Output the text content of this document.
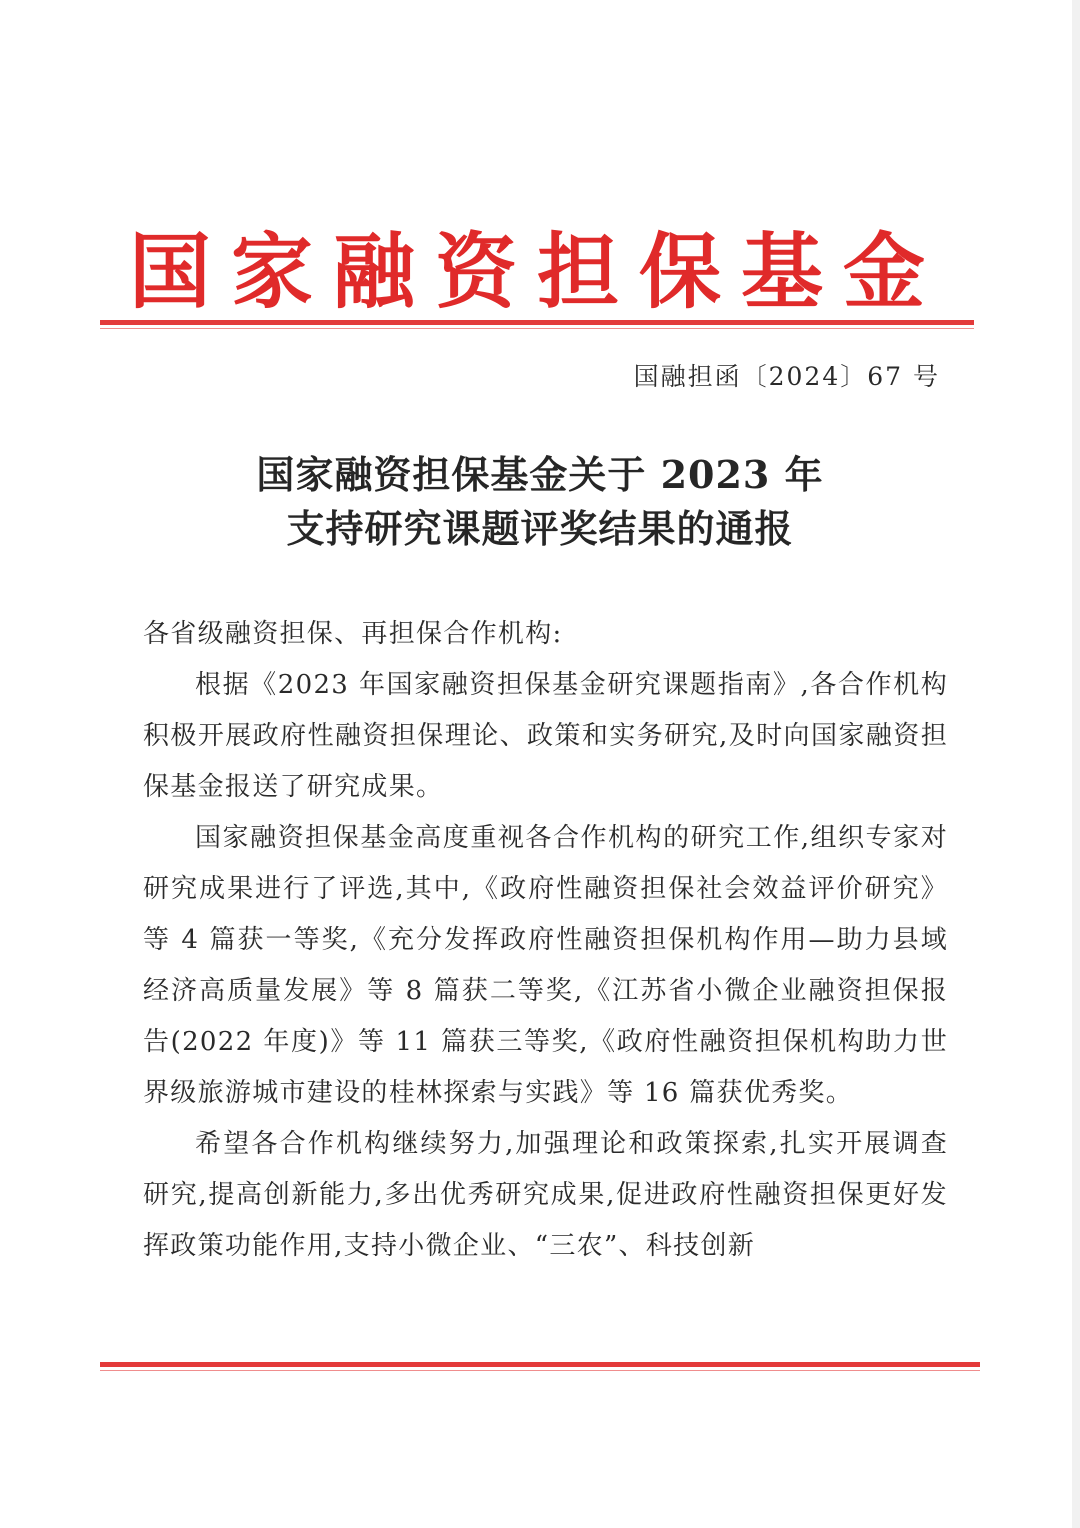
国家融资担保基金
国融担函〔2024〕67 号
国家融资担保基金关于 2023 年
支持研究课题评奖结果的通报

各省级融资担保、再担保合作机构:

根据《2023 年国家融资担保基金研究课题指南》,各合作机构积极开展政府性融资担保理论、政策和实务研究,及时向国家融资担保基金报送了研究成果。

国家融资担保基金高度重视各合作机构的研究工作,组织专家对研究成果进行了评选,其中,《政府性融资担保社会效益评价研究》等 4 篇获一等奖,《充分发挥政府性融资担保机构作用—助力县域经济高质量发展》等 8 篇获二等奖,《江苏省小微企业融资担保报告(2022 年度)》等 11 篇获三等奖,《政府性融资担保机构助力世界级旅游城市建设的桂林探索与实践》等 16 篇获优秀奖。

希望各合作机构继续努力,加强理论和政策探索,扎实开展调查研究,提高创新能力,多出优秀研究成果,促进政府性融资担保更好发挥政策功能作用,支持小微企业、“三农”、科技创新
